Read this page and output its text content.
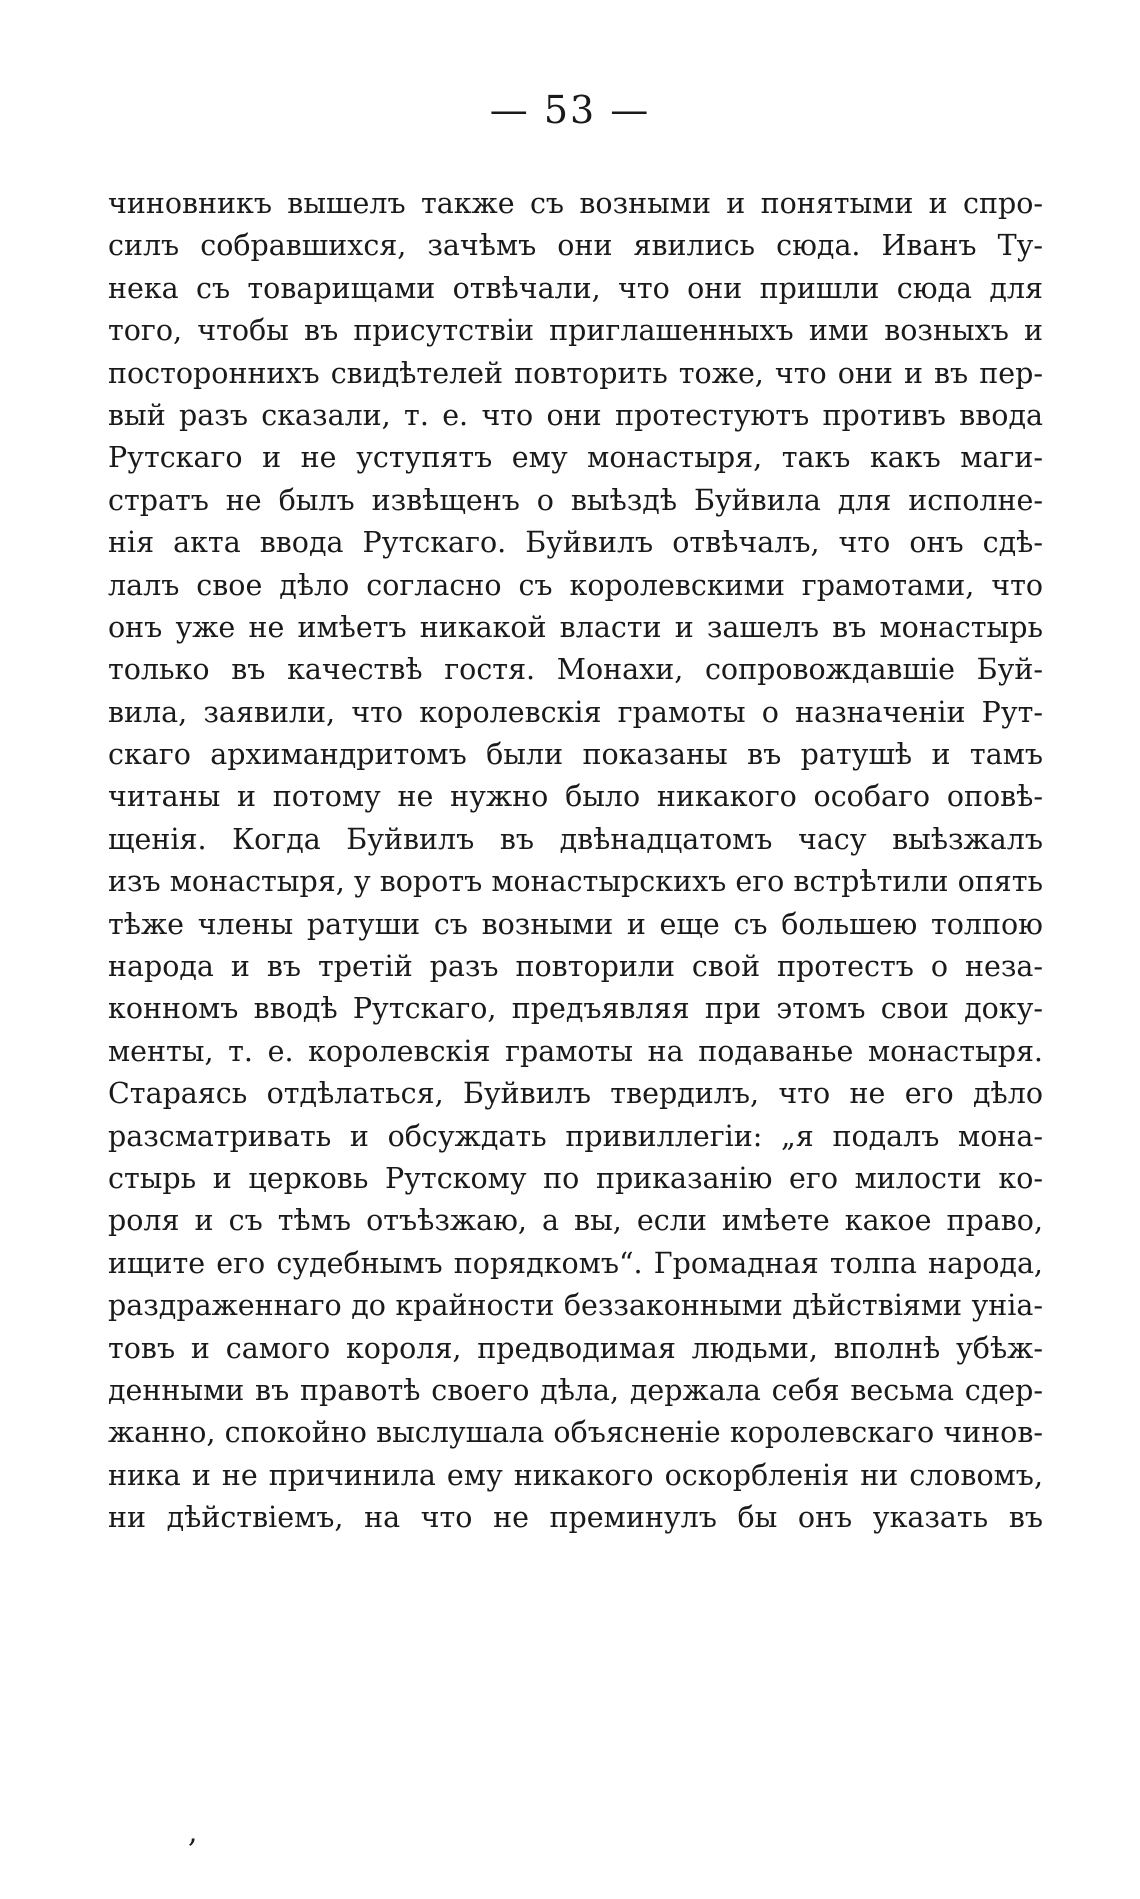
— 53 —
чиновникъ вышелъ также съ возными и понятыми и спро-
силъ собравшихся, зачѣмъ они явились сюда. Иванъ Ту-
нека съ товарищами отвѣчали, что они пришли сюда для
того, чтобы въ присутствіи приглашенныхъ ими возныхъ и
постороннихъ свидѣтелей повторить тоже, что они и въ пер-
вый разъ сказали, т. е. что они протестуютъ противъ ввода
Рутскаго и не уступятъ ему монастыря, такъ какъ маги-
стратъ не былъ извѣщенъ о выѣздѣ Буйвила для исполне-
нія акта ввода Рутскаго. Буйвилъ отвѣчалъ, что онъ сдѣ-
лалъ свое дѣло согласно съ королевскими грамотами, что
онъ уже не имѣетъ никакой власти и зашелъ въ монастырь
только въ качествѣ гостя. Монахи, сопровождавшіе Буй-
вила, заявили, что королевскія грамоты о назначеніи Рут-
скаго архимандритомъ были показаны въ ратушѣ и тамъ
читаны и потому не нужно было никакого особаго оповѣ-
щенія. Когда Буйвилъ въ двѣнадцатомъ часу выѣзжалъ
изъ монастыря, у воротъ монастырскихъ его встрѣтили опять
тѣже члены ратуши съ возными и еще съ большею толпою
народа и въ третій разъ повторили свой протестъ о неза-
конномъ вводѣ Рутскаго, предъявляя при этомъ свои доку-
менты, т. е. королевскія грамоты на подаванье монастыря.
Стараясь отдѣлаться, Буйвилъ твердилъ, что не его дѣло
разсматривать и обсуждать привиллегіи: „я подалъ мона-
стырь и церковь Рутскому по приказанію его милости ко-
роля и съ тѣмъ отъѣзжаю, а вы, если имѣете какое право,
ищите его судебнымъ порядкомъ“. Громадная толпа народа,
раздраженнаго до крайности беззаконными дѣйствіями уніа-
товъ и самого короля, предводимая людьми, вполнѣ убѣж-
денными въ правотѣ своего дѣла, держала себя весьма сдер-
жанно, спокойно выслушала объясненіе королевскаго чинов-
ника и не причинила ему никакого оскорбленія ни словомъ,
ни дѣйствіемъ, на что не преминулъ бы онъ указать въ
,
